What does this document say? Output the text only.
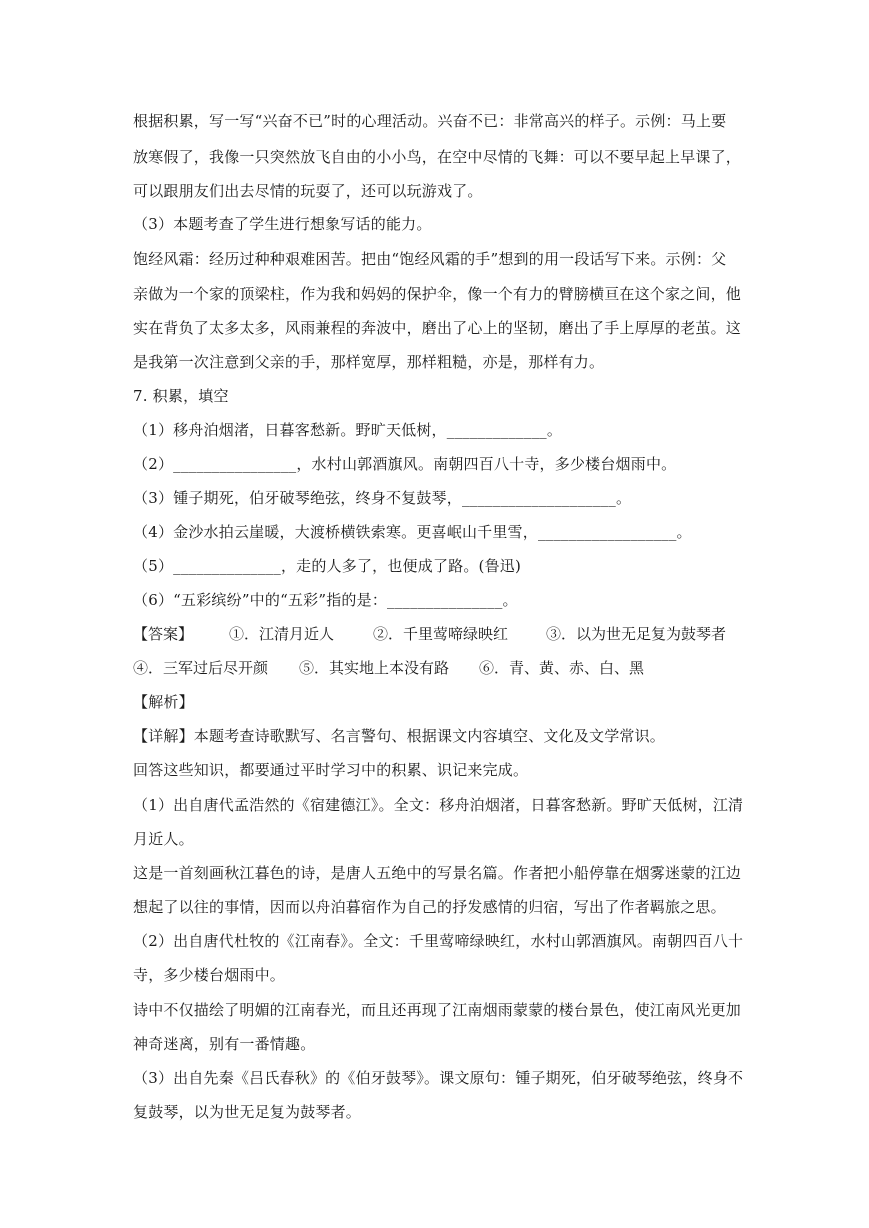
根据积累，写一写“兴奋不已”时的心理活动。兴奋不已：非常高兴的样子。示例：马上要
放寒假了，我像一只突然放飞自由的小小鸟，在空中尽情的飞舞：可以不要早起上早课了，
可以跟朋友们出去尽情的玩耍了，还可以玩游戏了。
（3）本题考查了学生进行想象写话的能力。
饱经风霜：经历过种种艰难困苦。把由“饱经风霜的手”想到的用一段话写下来。示例：父
亲做为一个家的顶梁柱，作为我和妈妈的保护伞，像一个有力的臂膀横亘在这个家之间，他
实在背负了太多太多，风雨兼程的奔波中，磨出了心上的坚韧，磨出了手上厚厚的老茧。这
是我第一次注意到父亲的手，那样宽厚，那样粗糙，亦是，那样有力。
7. 积累，填空
（1）移舟泊烟渚，日暮客愁新。野旷天低树，_____________。
（2）________________，水村山郭酒旗风。南朝四百八十寺，多少楼台烟雨中。
（3）锺子期死，伯牙破琴绝弦，终身不复鼓琴，____________________。
（4）金沙水拍云崖暖，大渡桥横铁索寒。更喜岷山千里雪，__________________。
（5）______________，走的人多了，也便成了路。(鲁迅)
（6）“五彩缤纷”中的“五彩”指的是：_______________。
【答案】 ①．江清月近人	②．千里莺啼绿映红	③．以为世无足复为鼓琴者
④．三军过后尽开颜 ⑤．其实地上本没有路 ⑥．青、黄、赤、白、黑
【解析】
【详解】本题考查诗歌默写、名言警句、根据课文内容填空、文化及文学常识。
回答这些知识，都要通过平时学习中的积累、识记来完成。
（1）出自唐代孟浩然的《宿建德江》。全文：移舟泊烟渚，日暮客愁新。野旷天低树，江清
月近人。
这是一首刻画秋江暮色的诗，是唐人五绝中的写景名篇。作者把小船停靠在烟雾迷蒙的江边
想起了以往的事情，因而以舟泊暮宿作为自己的抒发感情的归宿，写出了作者羁旅之思。
（2）出自唐代杜牧的《江南春》。全文：千里莺啼绿映红，水村山郭酒旗风。南朝四百八十
寺，多少楼台烟雨中。
诗中不仅描绘了明媚的江南春光，而且还再现了江南烟雨蒙蒙的楼台景色，使江南风光更加
神奇迷离，别有一番情趣。
（3）出自先秦《吕氏春秋》的《伯牙鼓琴》。课文原句：锺子期死，伯牙破琴绝弦，终身不
复鼓琴，以为世无足复为鼓琴者。
